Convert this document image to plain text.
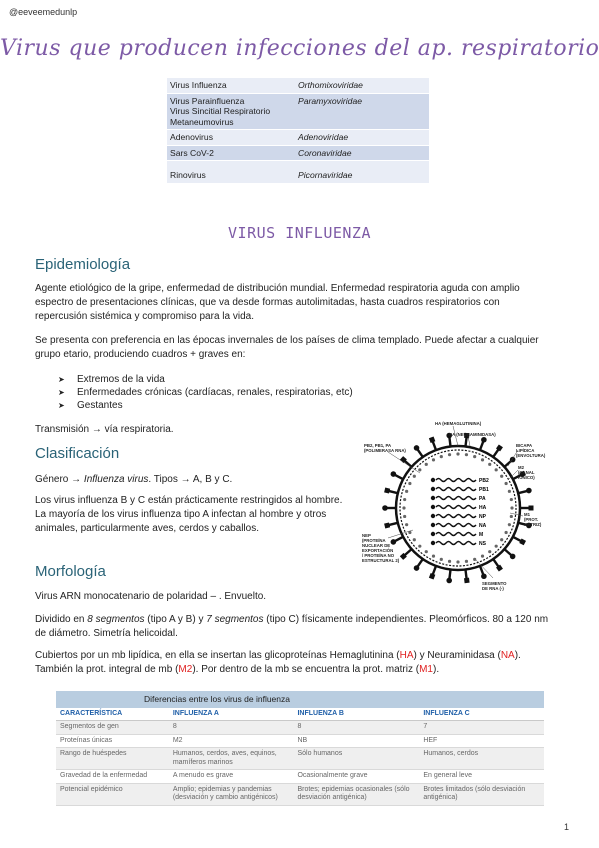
@eeveemedunlp
Virus que producen infecciones del ap. respiratorio
Virus Influenza	Orthomixoviridae

Virus Parainfluenza
Virus Sincitial Respiratorio
Metaneumovirus	Paramyxoviridae

Adenovirus	Adenoviridae

Sars CoV-2	Coronaviridae

Rinovirus	Picornaviridae
VIRUS INFLUENZA
Epidemiología
Agente etiológico de la gripe, enfermedad de distribución mundial. Enfermedad respiratoria aguda con amplio espectro de presentaciones clínicas, que va desde formas autolimitadas, hasta cuadros respiratorios con repercusión sistémica y compromiso para la vida.
Se presenta con preferencia en las épocas invernales de los países de clima templado. Puede afectar a cualquier grupo etario, produciendo cuadros + graves en:
➤ Extremos de la vida
➤ Enfermedades crónicas (cardíacas, renales, respiratorias, etc)
➤ Gestantes
Transmisión → vía respiratoria.
Clasificación
Género → Influenza virus. Tipos → A, B y C.
Los virus influenza B y C están prácticamente restringidos al hombre. La mayoría de los virus influenza tipo A infectan al hombre y otros animales, particularmente aves, cerdos y caballos.
Morfología
Virus ARN monocatenario de polaridad – . Envuelto.
Dividido en 8 segmentos (tipo A y B) y 7 segmentos (tipo C) físicamente independientes. Pleomórficos. 80 a 120 nm de diámetro. Simetría helicoidal.
Cubiertos por un mb lipídica, en ella se insertan las glicoproteínas Hemaglutinina (HA) y Neuraminidasa (NA). También la prot. integral de mb (M2). Por dentro de la mb se encuentra la prot. matriz (M1).
PB2
PB1
PA
HA
NP
NA
M
NS
HA (HEMAGLUTININA)
NA (NEURAMINIDASA)
PB2, PB1, PA
(POLIMERASA RNA)
BICAPA
LIPÍDICA
(ENVOLTURA)
M2
(CANAL
IÓNICO)
M1
(PROT.
MATRIZ)
NEP
(PROTEÍNA
NUCLEAR DE
EXPORTACIÓN
/ PROTEÍNA NO
ESTRUCTURAL 2)
SEGMENTO
DE RNA (-)
Diferencias entre los virus de influenza			
CARACTERÍSTICA	INFLUENZA A	INFLUENZA B	INFLUENZA C
Segmentos de gen	8	8	7
Proteínas únicas	M2	NB	HEF
Rango de huéspedes	Humanos, cerdos, aves, equinos, mamíferos marinos	Sólo humanos	Humanos, cerdos
Gravedad de la enfermedad	A menudo es grave	Ocasionalmente grave	En general leve
Potencial epidémico	Amplio; epidemias y pandemias (desviación y cambio antigénicos)	Brotes; epidemias ocasionales (sólo desviación antigénica)	Brotes limitados (sólo desviación antigénica)
1
